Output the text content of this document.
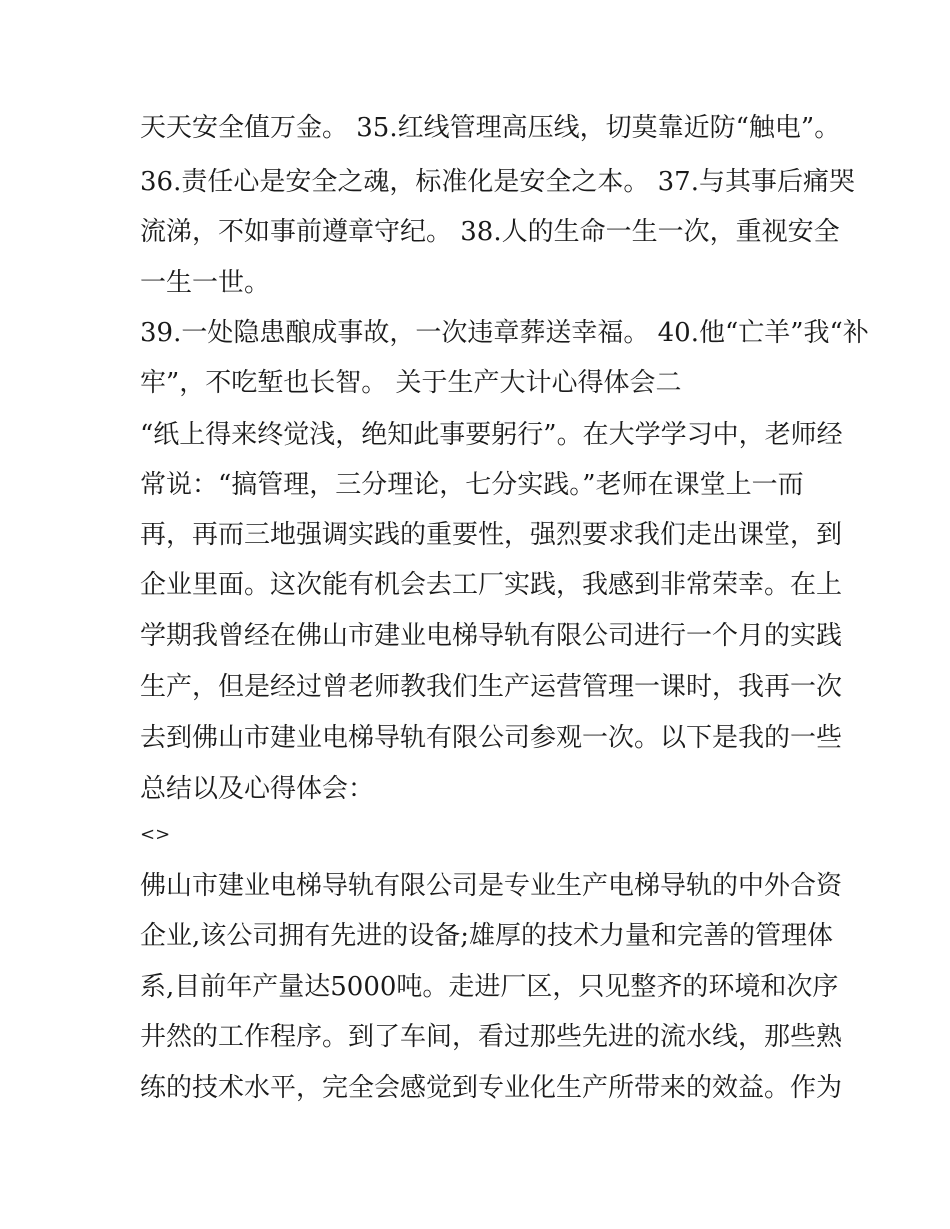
天天安全值万金。 35.红线管理高压线，切莫靠近防“触电”。
36.责任心是安全之魂，标准化是安全之本。 37.与其事后痛哭
流涕，不如事前遵章守纪。 38.人的生命一生一次，重视安全
一生一世。
39.一处隐患酿成事故，一次违章葬送幸福。 40.他“亡羊”我“补
牢”，不吃堑也长智。 关于生产大计心得体会二
“纸上得来终觉浅，绝知此事要躬行”。在大学学习中，老师经
常说：“搞管理，三分理论，七分实践。”老师在课堂上一而
再，再而三地强调实践的重要性，强烈要求我们走出课堂，到
企业里面。这次能有机会去工厂实践，我感到非常荣幸。在上
学期我曾经在佛山市建业电梯导轨有限公司进行一个月的实践
生产，但是经过曾老师教我们生产运营管理一课时，我再一次
去到佛山市建业电梯导轨有限公司参观一次。以下是我的一些
总结以及心得体会：
<>
佛山市建业电梯导轨有限公司是专业生产电梯导轨的中外合资
企业,该公司拥有先进的设备;雄厚的技术力量和完善的管理体
系,目前年产量达5000吨。走进厂区，只见整齐的环境和次序
井然的工作程序。到了车间，看过那些先进的流水线，那些熟
练的技术水平，完全会感觉到专业化生产所带来的效益。作为
